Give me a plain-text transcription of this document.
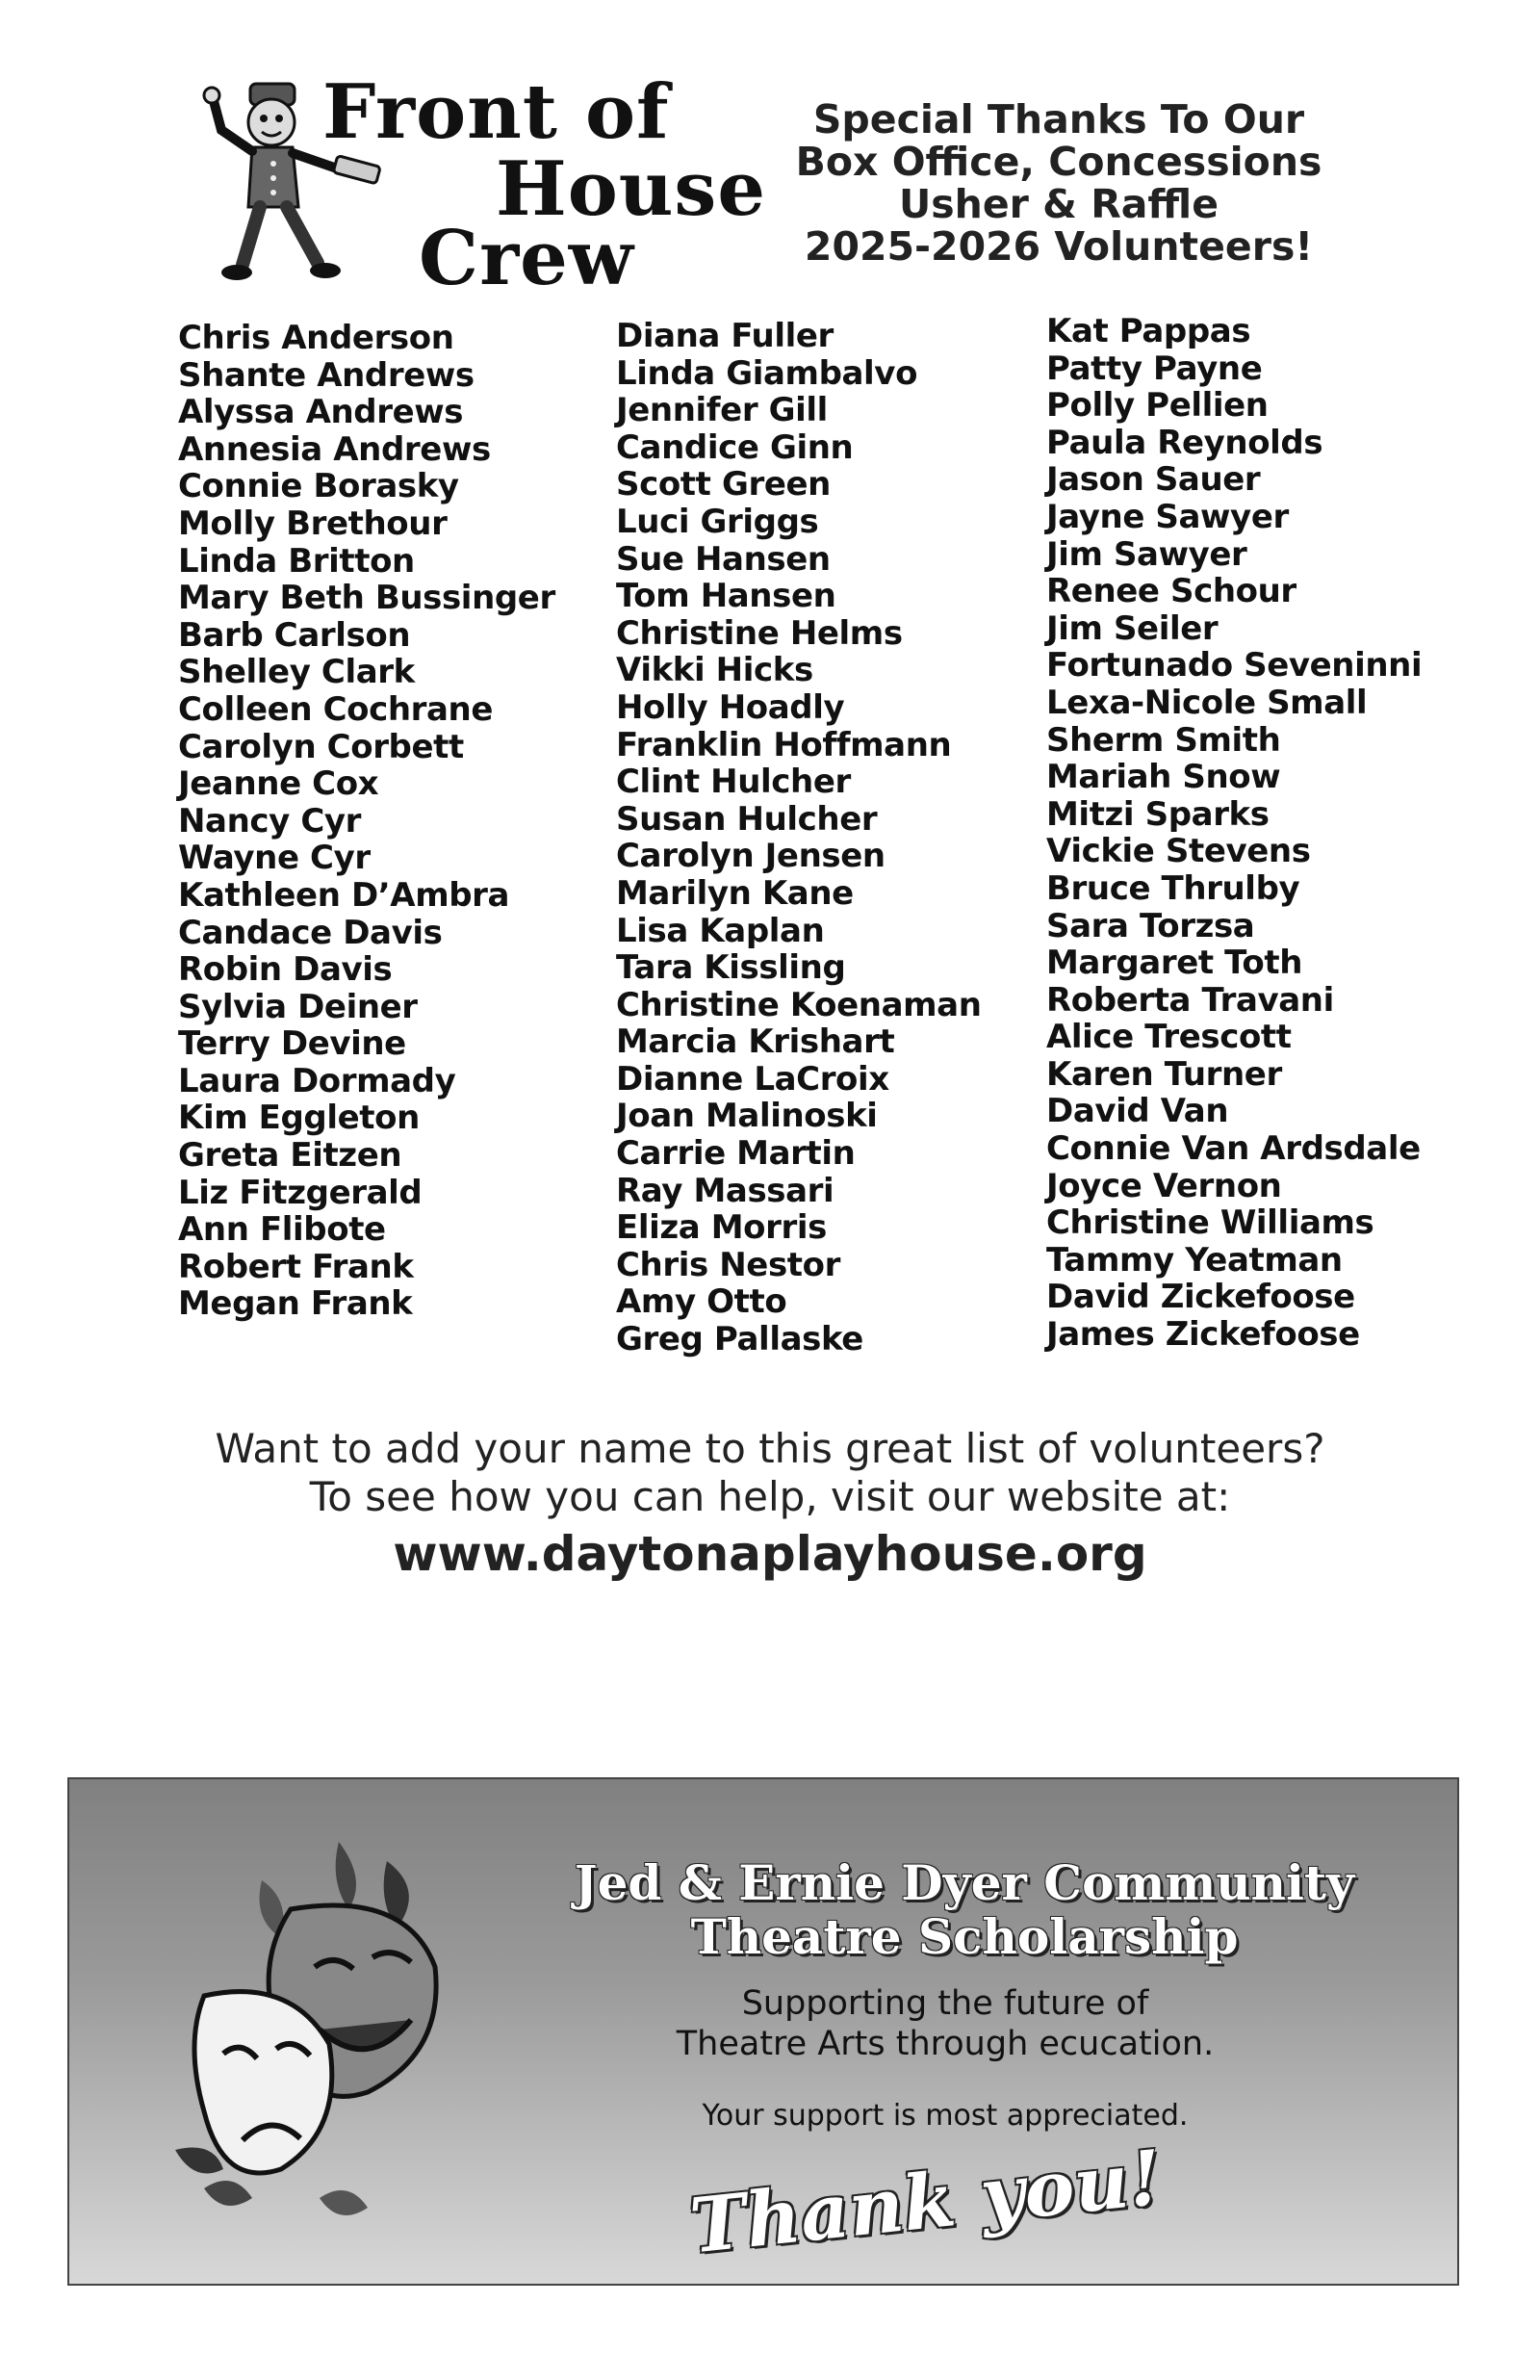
Front of
House
Crew
Special Thanks To Our
Box Office, Concessions
Usher & Raffle
2025-2026 Volunteers!
Chris Anderson
Shante Andrews
Alyssa Andrews
Annesia Andrews
Connie Borasky
Molly Brethour
Linda Britton
Mary Beth Bussinger
Barb Carlson
Shelley Clark
Colleen Cochrane
Carolyn Corbett
Jeanne Cox
Nancy Cyr
Wayne Cyr
Kathleen D’Ambra
Candace Davis
Robin Davis
Sylvia Deiner
Terry Devine
Laura Dormady
Kim Eggleton
Greta Eitzen
Liz Fitzgerald
Ann Flibote
Robert Frank
Megan Frank
Diana Fuller
Linda Giambalvo
Jennifer Gill
Candice Ginn
Scott Green
Luci Griggs
Sue Hansen
Tom Hansen
Christine Helms
Vikki Hicks
Holly Hoadly
Franklin Hoffmann
Clint Hulcher
Susan Hulcher
Carolyn Jensen
Marilyn Kane
Lisa Kaplan
Tara Kissling
Christine Koenaman
Marcia Krishart
Dianne LaCroix
Joan Malinoski
Carrie Martin
Ray Massari
Eliza Morris
Chris Nestor
Amy Otto
Greg Pallaske
Kat Pappas
Patty Payne
Polly Pellien
Paula Reynolds
Jason Sauer
Jayne Sawyer
Jim Sawyer
Renee Schour
Jim Seiler
Fortunado Seveninni
Lexa-Nicole Small
Sherm Smith
Mariah Snow
Mitzi Sparks
Vickie Stevens
Bruce Thrulby
Sara Torzsa
Margaret Toth
Roberta Travani
Alice Trescott
Karen Turner
David Van
Connie Van Ardsdale
Joyce Vernon
Christine Williams
Tammy Yeatman
David Zickefoose
James Zickefoose
Want to add your name to this great list of volunteers?
To see how you can help, visit our website at:
www.daytonaplayhouse.org
Jed & Ernie Dyer Community
Theatre Scholarship
Supporting the future of
Theatre Arts through ecucation.
Your support is most appreciated.
Thank you!
